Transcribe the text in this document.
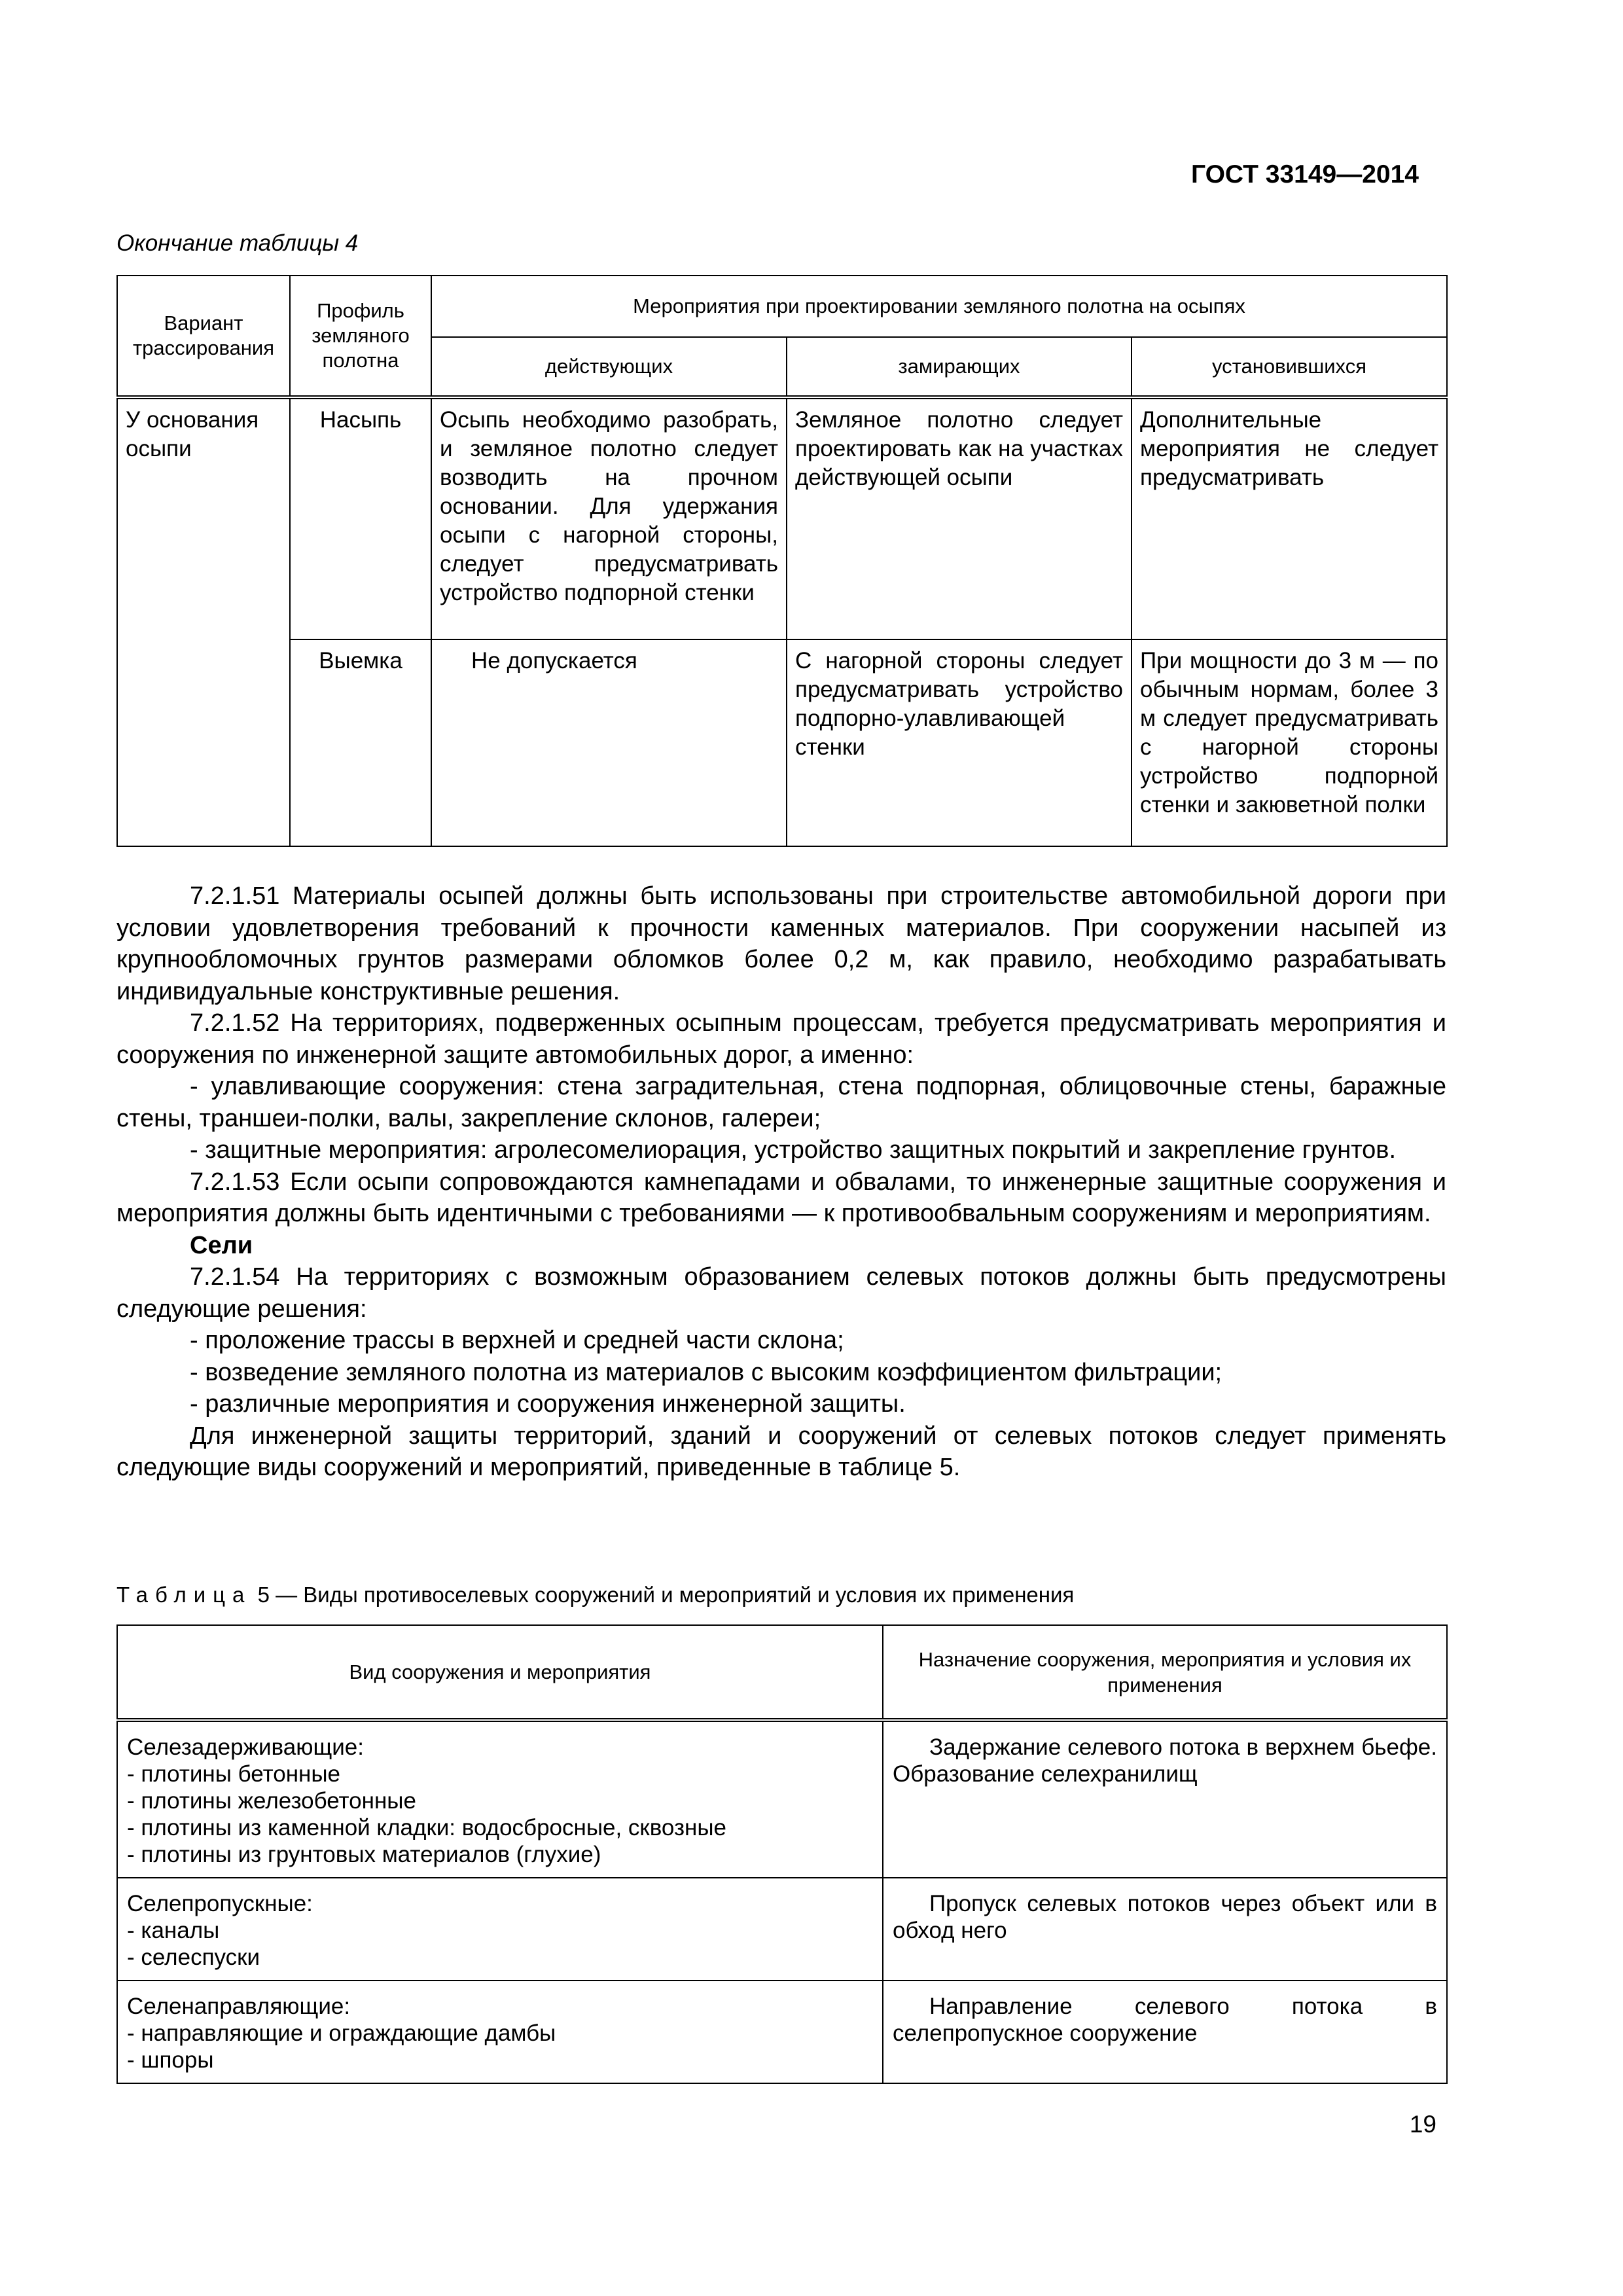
ГОСТ 33149—2014
Окончание таблицы 4
Вариант трассирования	Профиль земляного полотна	Мероприятия при проектировании земляного полотна на осыпях		
		действующих	замирающих	установившихся
У основания осыпи	Насыпь	Осыпь необходимо разобрать, и земляное полотно следует возводить на прочном основании. Для удержания осыпи с нагорной стороны, следует предусматривать устройство подпорной стенки	Земляное полотно следует проектировать как на участках действующей осыпи	Дополнительные мероприятия не следует предусматривать
	Выемка	Не допускается	С нагорной стороны следует предусматривать устройство подпорно-улавливающей стенки	При мощности до 3 м — по обычным нормам, более 3 м следует предусматривать с нагорной стороны устройство подпорной стенки и закюветной полки

7.2.1.51 Материалы осыпей должны быть использованы при строительстве автомобильной дороги при условии удовлетворения требований к прочности каменных материалов. При сооружении насыпей из крупнообломочных грунтов размерами обломков более 0,2 м, как правило, необходимо разрабатывать индивидуальные конструктивные решения.

7.2.1.52 На территориях, подверженных осыпным процессам, требуется предусматривать мероприятия и сооружения по инженерной защите автомобильных дорог, а именно:

- улавливающие сооружения: стена заградительная, стена подпорная, облицовочные стены, баражные стены, траншеи-полки, валы, закрепление склонов, галереи;

- защитные мероприятия: агролесомелиорация, устройство защитных покрытий и закрепление грунтов.

7.2.1.53 Если осыпи сопровождаются камнепадами и обвалами, то инженерные защитные сооружения и мероприятия должны быть идентичными с требованиями — к противообвальным сооружениям и мероприятиям.

Сели

7.2.1.54 На территориях с возможным образованием селевых потоков должны быть предусмотрены следующие решения:

- проложение трассы в верхней и средней части склона;

- возведение земляного полотна из материалов с высоким коэффициентом фильтрации;

- различные мероприятия и сооружения инженерной защиты.

Для инженерной защиты территорий, зданий и сооружений от селевых потоков следует применять следующие виды сооружений и мероприятий, приведенные в таблице 5.

Таблица 5 — Виды противоселевых сооружений и мероприятий и условия их применения
Вид сооружения и мероприятия	Назначение сооружения, мероприятия и условия их применения

Селезадерживающие:
- плотины бетонные
- плотины железобетонные
- плотины из каменной кладки: водосбросные, сквозные
- плотины из грунтовых материалов (глухие)	Задержание селевого потока в верхнем бьефе. Образование селехранилищ

Селепропускные:
- каналы
- селеспуски	Пропуск селевых потоков через объект или в обход него

Селенаправляющие:
- направляющие и ограждающие дамбы
- шпоры	Направление селевого потока в селепропускное сооружение
19
